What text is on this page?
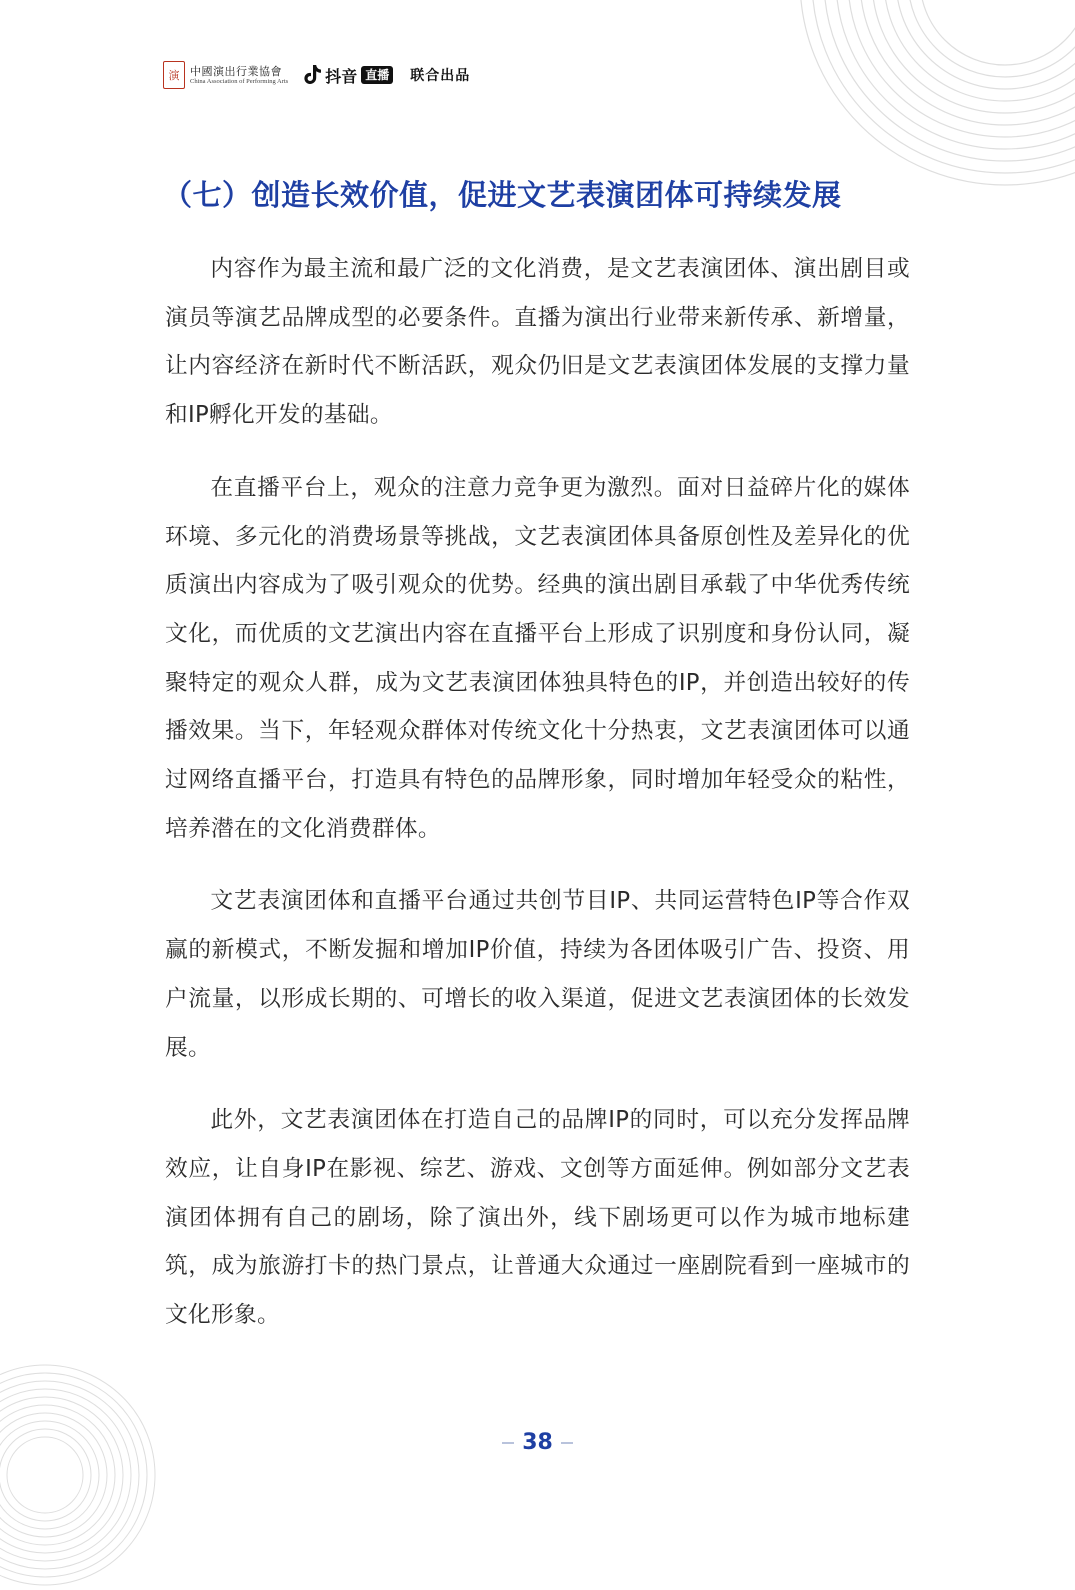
演 中國演出行業協會
China Association of Performing Arts 抖音 直播 联合出品
（七）创造长效价值，促进文艺表演团体可持续发展

内容作为最主流和最广泛的文化消费，是文艺表演团体、演出剧目或演员等演艺品牌成型的必要条件。直播为演出行业带来新传承、新增量，让内容经济在新时代不断活跃，观众仍旧是文艺表演团体发展的支撑力量和IP孵化开发的基础。

在直播平台上，观众的注意力竞争更为激烈。面对日益碎片化的媒体环境、多元化的消费场景等挑战，文艺表演团体具备原创性及差异化的优质演出内容成为了吸引观众的优势。经典的演出剧目承载了中华优秀传统文化，而优质的文艺演出内容在直播平台上形成了识别度和身份认同，凝聚特定的观众人群，成为文艺表演团体独具特色的IP，并创造出较好的传播效果。当下，年轻观众群体对传统文化十分热衷，文艺表演团体可以通过网络直播平台，打造具有特色的品牌形象，同时增加年轻受众的粘性，培养潜在的文化消费群体。

文艺表演团体和直播平台通过共创节目IP、共同运营特色IP等合作双赢的新模式，不断发掘和增加IP价值，持续为各团体吸引广告、投资、用户流量，以形成长期的、可增长的收入渠道，促进文艺表演团体的长效发展。

此外，文艺表演团体在打造自己的品牌IP的同时，可以充分发挥品牌效应，让自身IP在影视、综艺、游戏、文创等方面延伸。例如部分文艺表演团体拥有自己的剧场，除了演出外，线下剧场更可以作为城市地标建筑，成为旅游打卡的热门景点，让普通大众通过一座剧院看到一座城市的文化形象。

38
